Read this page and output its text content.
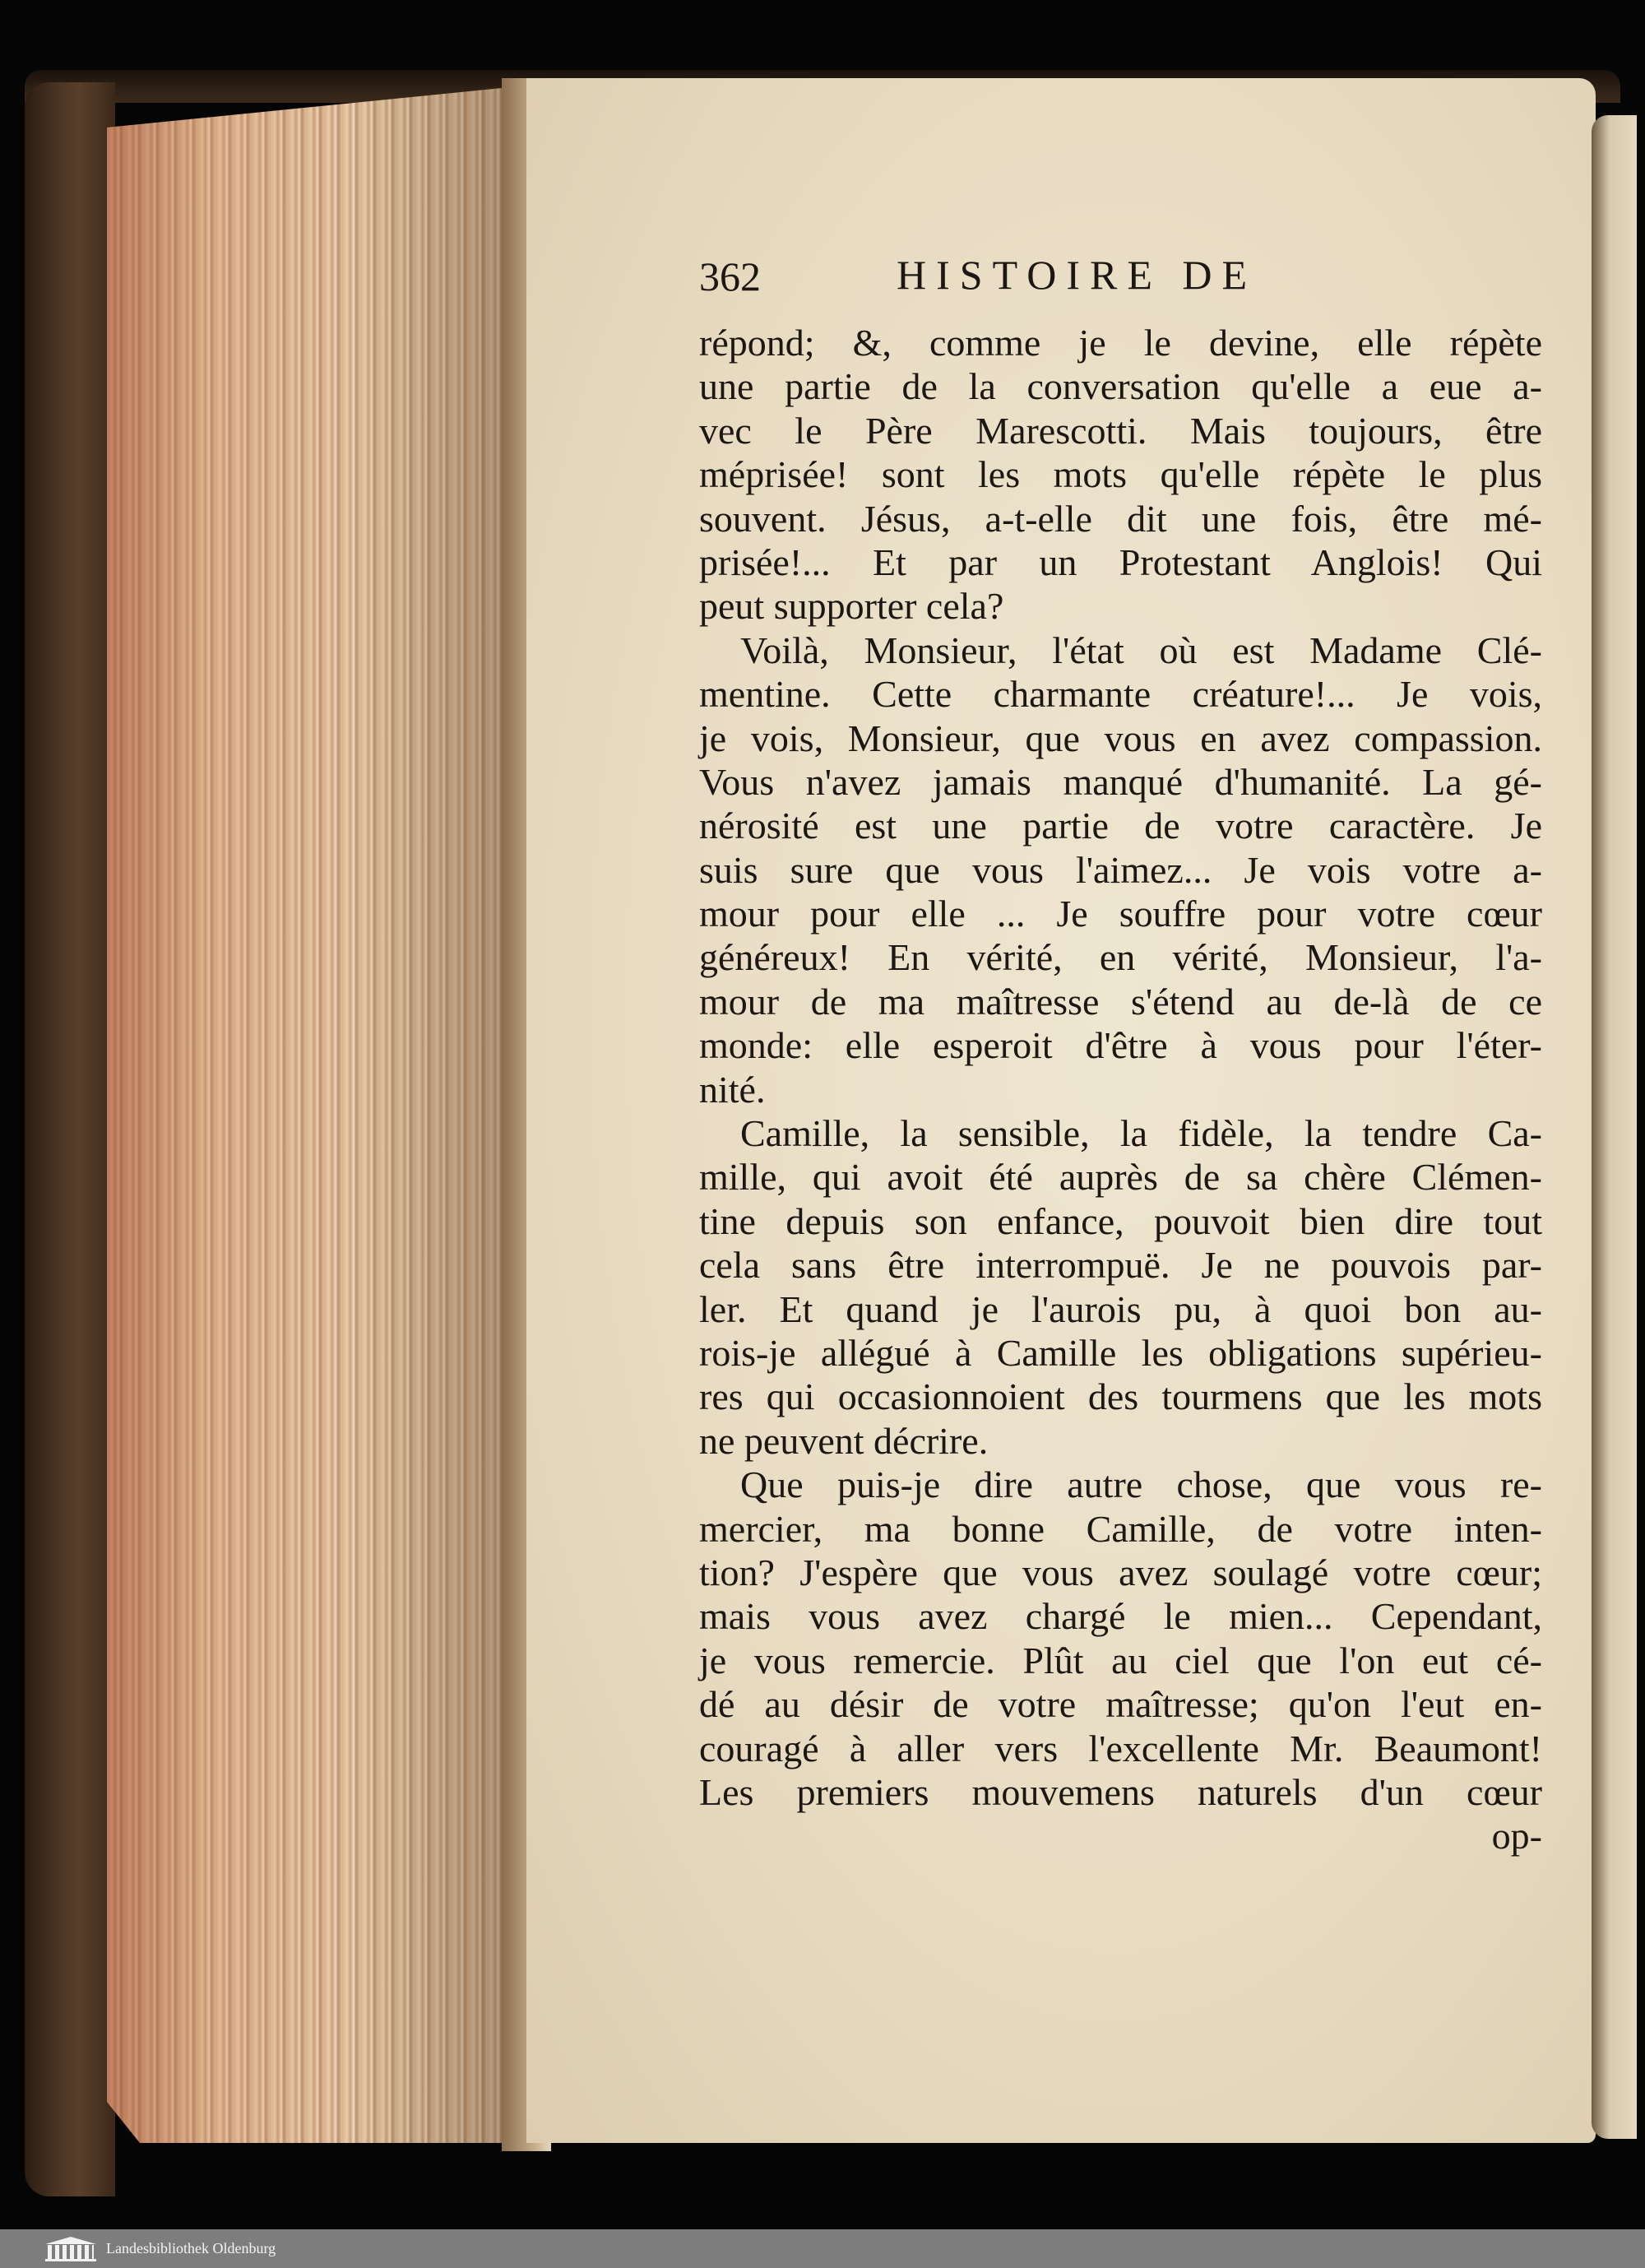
362	HISTOIRE DE
répond; &, comme je le devine, elle répète
une partie de la conversation qu'elle a eue a-
vec le Père Marescotti. Mais toujours, être
méprisée! sont les mots qu'elle répète le plus
souvent. Jésus, a-t-elle dit une fois, être mé-
prisée!... Et par un Protestant Anglois! Qui
peut supporter cela?
Voilà, Monsieur, l'état où est Madame Clé-
mentine. Cette charmante créature!... Je vois,
je vois, Monsieur, que vous en avez compassion.
Vous n'avez jamais manqué d'humanité. La gé-
nérosité est une partie de votre caractère. Je
suis sure que vous l'aimez... Je vois votre a-
mour pour elle ... Je souffre pour votre cœur
généreux! En vérité, en vérité, Monsieur, l'a-
mour de ma maîtresse s'étend au de-là de ce
monde: elle esperoit d'être à vous pour l'éter-
nité.
Camille, la sensible, la fidèle, la tendre Ca-
mille, qui avoit été auprès de sa chère Clémen-
tine depuis son enfance, pouvoit bien dire tout
cela sans être interrompuë. Je ne pouvois par-
ler. Et quand je l'aurois pu, à quoi bon au-
rois-je allégué à Camille les obligations supérieu-
res qui occasionnoient des tourmens que les mots
ne peuvent décrire.
Que puis-je dire autre chose, que vous re-
mercier, ma bonne Camille, de votre inten-
tion? J'espère que vous avez soulagé votre cœur;
mais vous avez chargé le mien... Cependant,
je vous remercie. Plût au ciel que l'on eut cé-
dé au désir de votre maîtresse; qu'on l'eut en-
couragé à aller vers l'excellente Mr. Beaumont!
Les premiers mouvemens naturels d'un cœur
op-
Landesbibliothek Oldenburg
